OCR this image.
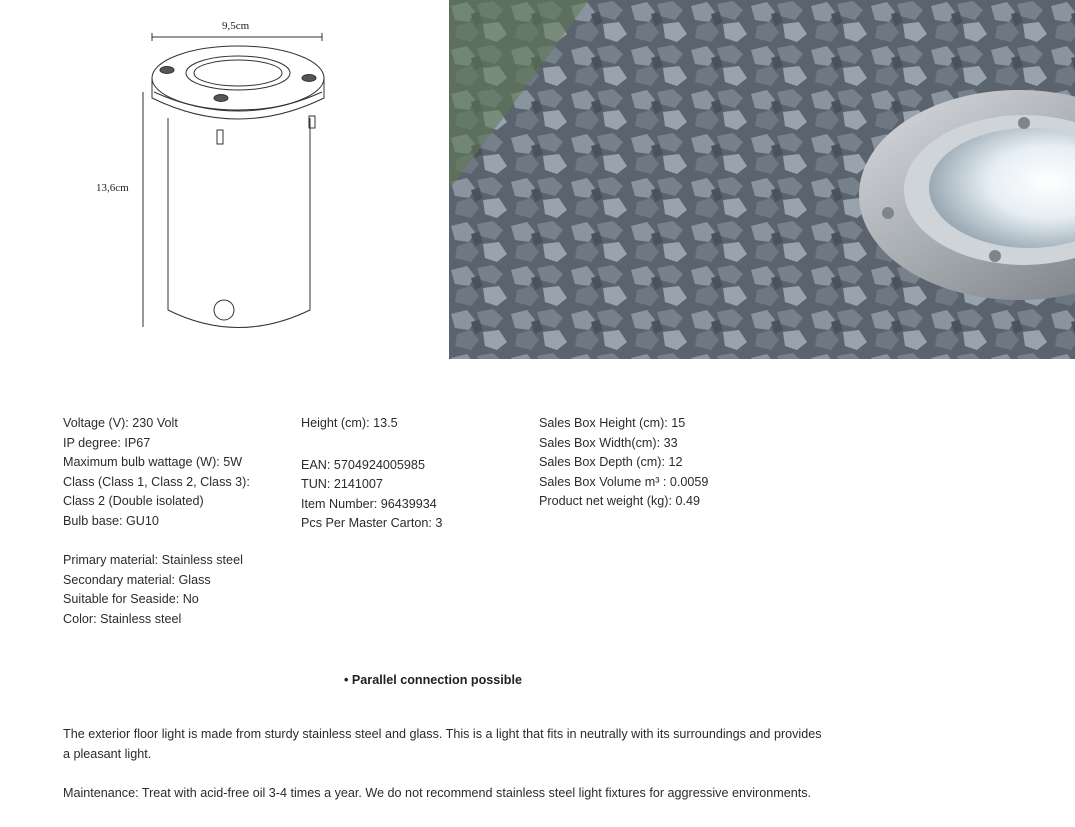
9,5cm
13,6cm
Voltage (V): 230 Volt
IP degree: IP67
Maximum bulb wattage (W): 5W
Class (Class 1, Class 2, Class 3):
Class 2 (Double isolated)
Bulb base: GU10
Primary material: Stainless steel
Secondary material: Glass
Suitable for Seaside: No
Color: Stainless steel
Height (cm): 13.5
EAN: 5704924005985
TUN: 2141007
Item Number: 96439934
Pcs Per Master Carton: 3
Sales Box Height (cm): 15
Sales Box Width(cm): 33
Sales Box Depth (cm): 12
Sales Box Volume m³ : 0.0059
Product net weight (kg): 0.49
• Parallel connection possible
The exterior floor light is made from sturdy stainless steel and glass. This is a light that fits in neutrally with its surroundings and provides a pleasant light.
Maintenance: Treat with acid-free oil 3-4 times a year. We do not recommend stainless steel light fixtures for aggressive environments.
